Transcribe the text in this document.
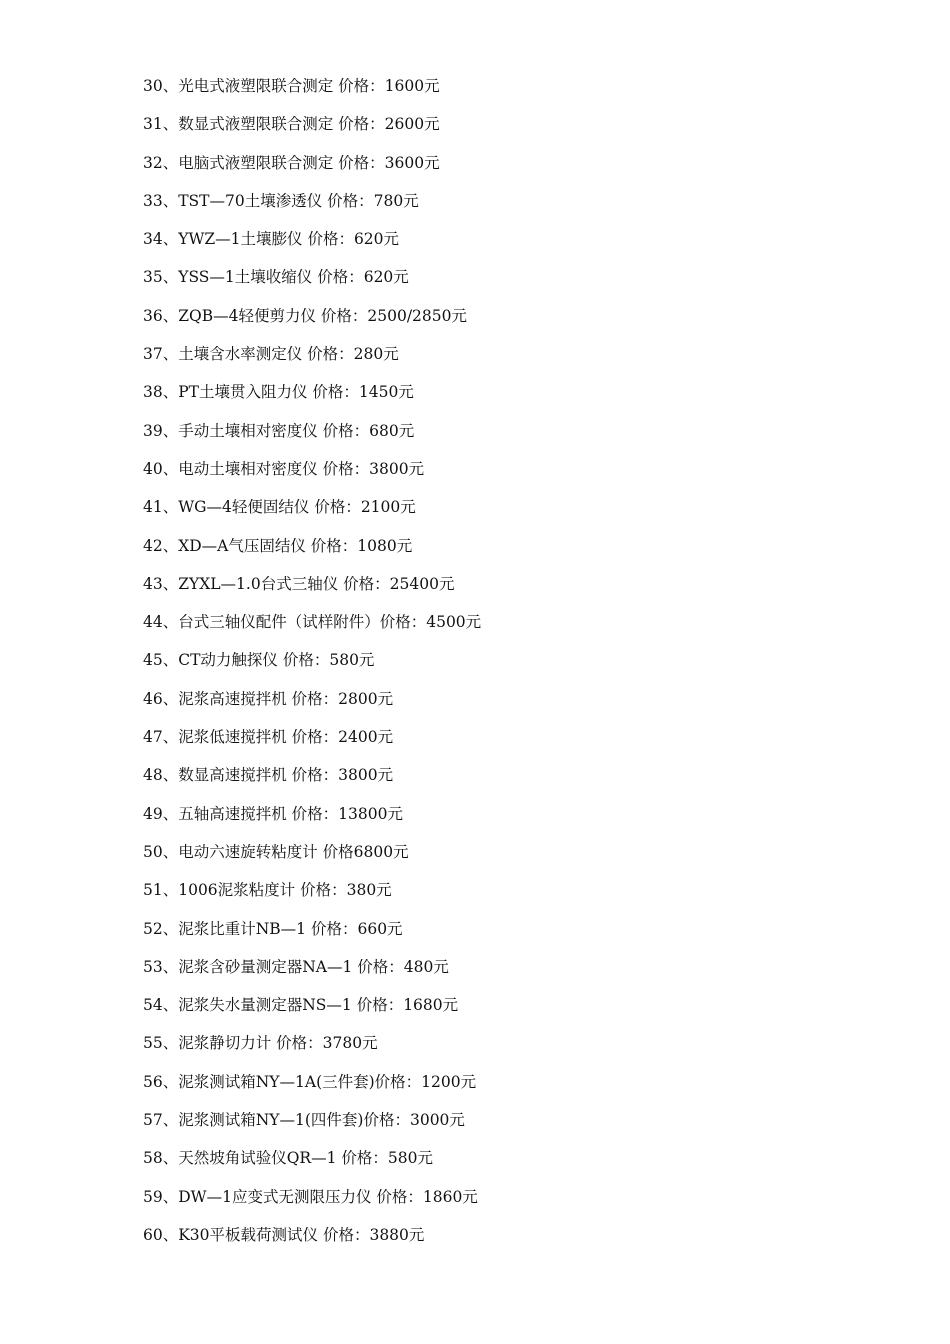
30、光电式液塑限联合测定 价格：1600元
31、数显式液塑限联合测定 价格：2600元
32、电脑式液塑限联合测定 价格：3600元
33、TST—70土壤渗透仪 价格：780元
34、YWZ—1土壤膨仪 价格：620元
35、YSS—1土壤收缩仪 价格：620元
36、ZQB—4轻便剪力仪 价格：2500/2850元
37、土壤含水率测定仪 价格：280元
38、PT土壤贯入阻力仪 价格：1450元
39、手动土壤相对密度仪 价格：680元
40、电动土壤相对密度仪 价格：3800元
41、WG—4轻便固结仪 价格：2100元
42、XD—A气压固结仪 价格：1080元
43、ZYXL—1.0台式三轴仪 价格：25400元
44、台式三轴仪配件（试样附件）价格：4500元
45、CT动力触探仪 价格：580元
46、泥浆高速搅拌机 价格：2800元
47、泥浆低速搅拌机 价格：2400元
48、数显高速搅拌机 价格：3800元
49、五轴高速搅拌机 价格：13800元
50、电动六速旋转粘度计 价格6800元
51、1006泥浆粘度计 价格：380元
52、泥浆比重计NB—1 价格：660元
53、泥浆含砂量测定器NA—1 价格：480元
54、泥浆失水量测定器NS—1 价格：1680元
55、泥浆静切力计 价格：3780元
56、泥浆测试箱NY—1A(三件套)价格：1200元
57、泥浆测试箱NY—1(四件套)价格：3000元
58、天然坡角试验仪QR—1 价格：580元
59、DW—1应变式无测限压力仪 价格：1860元
60、K30平板载荷测试仪 价格：3880元
